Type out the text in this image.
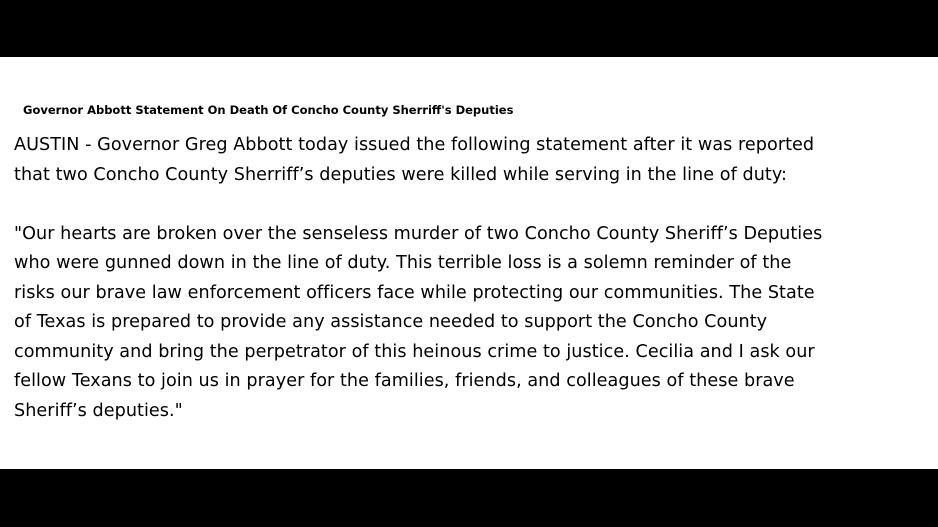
Governor Abbott Statement On Death Of Concho County Sherriff's Deputies

AUSTIN - Governor Greg Abbott today issued the following statement after it was reported
that two Concho County Sherriff’s deputies were killed while serving in the line of duty:

"Our hearts are broken over the senseless murder of two Concho County Sheriff’s Deputies
who were gunned down in the line of duty. This terrible loss is a solemn reminder of the
risks our brave law enforcement officers face while protecting our communities. The State
of Texas is prepared to provide any assistance needed to support the Concho County
community and bring the perpetrator of this heinous crime to justice. Cecilia and I ask our
fellow Texans to join us in prayer for the families, friends, and colleagues of these brave
Sheriff’s deputies."
